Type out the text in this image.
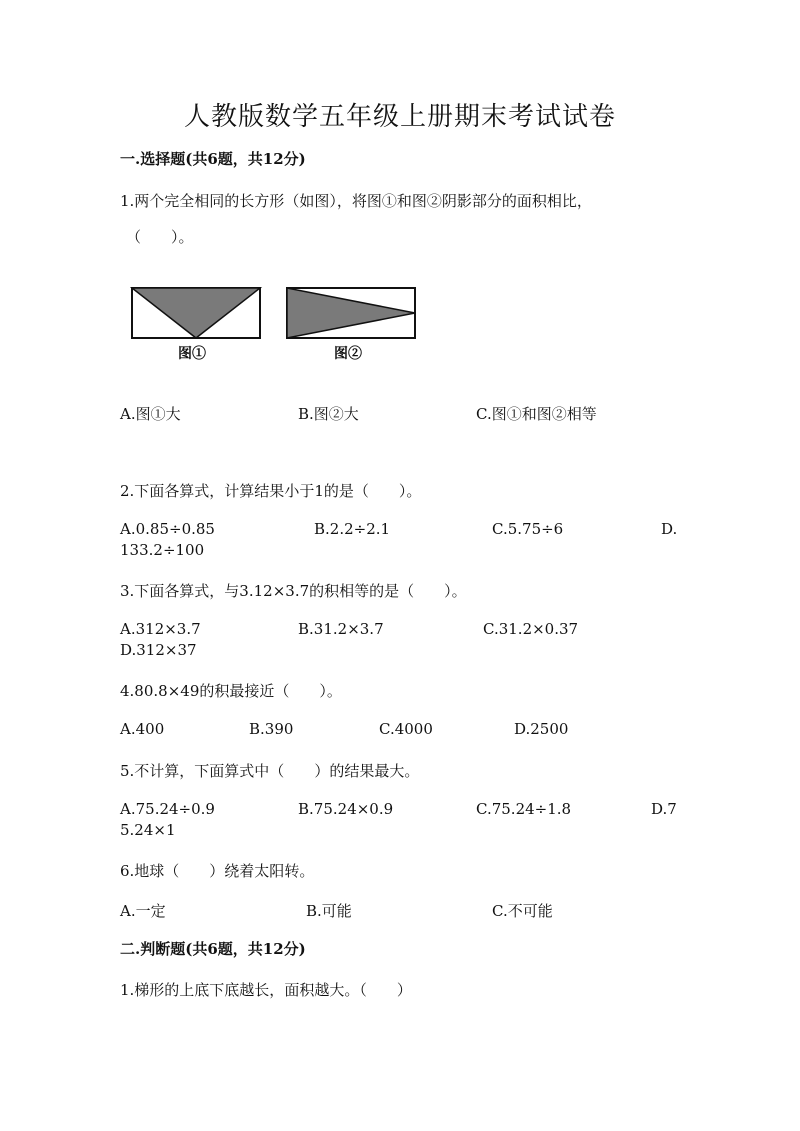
人教版数学五年级上册期末考试试卷
一.选择题(共6题，共12分)
1.两个完全相同的长方形（如图），将图①和图②阴影部分的面积相比，
（　　）。
图①	图②
A.图①大	B.图②大	C.图①和图②相等
2.下面各算式，计算结果小于1的是（　　）。
A.0.85÷0.85	B.2.2÷2.1	C.5.75÷6	D.
133.2÷100
3.下面各算式，与3.12×3.7的积相等的是（　　）。
A.312×3.7	B.31.2×3.7	C.31.2×0.37
D.312×37
4.80.8×49的积最接近（　　）。
A.400	B.390	C.4000	D.2500
5.不计算，下面算式中（　　）的结果最大。
A.75.24÷0.9	B.75.24×0.9	C.75.24÷1.8	D.7
5.24×1
6.地球（　　）绕着太阳转。
A.一定	B.可能	C.不可能
二.判断题(共6题，共12分)
1.梯形的上底下底越长，面积越大。（　　）
